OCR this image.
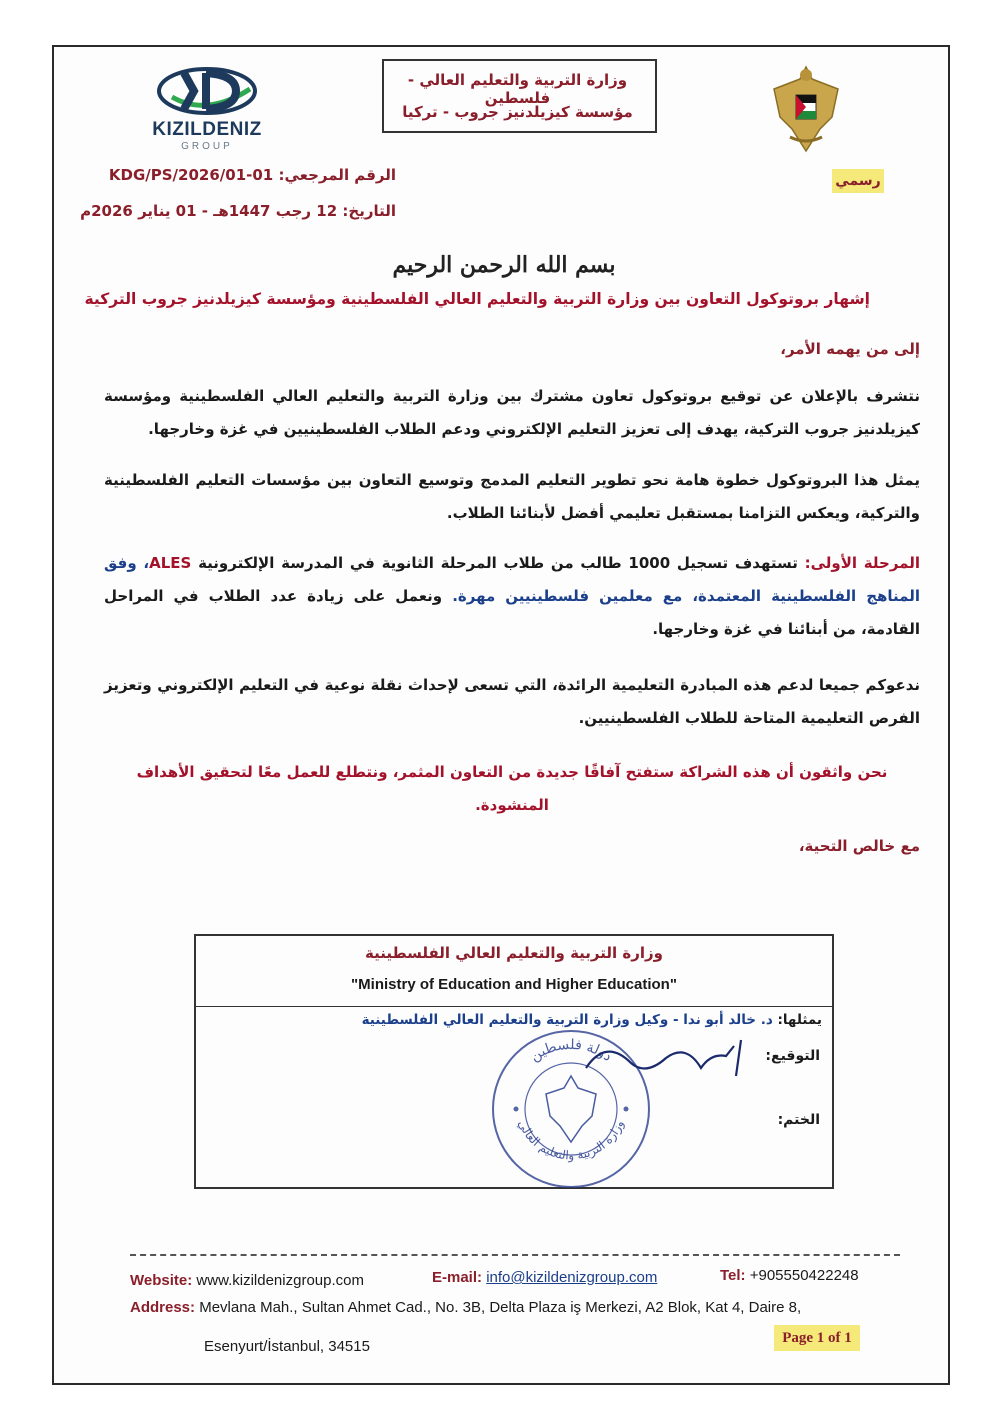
KIZILDENIZ
GROUP
وزارة التربية والتعليم العالي - فلسطين
مؤسسة كيزيلدنيز جروب - تركيا
رسمي
الرقم المرجعي: KDG/PS/2026/01-01
التاريخ: 12 رجب 1447هـ - 01 يناير 2026م
بسم الله الرحمن الرحيم
إشهار بروتوكول التعاون بين وزارة التربية والتعليم العالي الفلسطينية ومؤسسة كيزيلدنيز جروب التركية
إلى من يهمه الأمر،
نتشرف بالإعلان عن توقيع بروتوكول تعاون مشترك بين وزارة التربية والتعليم العالي الفلسطينية ومؤسسة كيزيلدنيز جروب التركية، يهدف إلى تعزيز التعليم الإلكتروني ودعم الطلاب الفلسطينيين في غزة وخارجها.
يمثل هذا البروتوكول خطوة هامة نحو تطوير التعليم المدمج وتوسيع التعاون بين مؤسسات التعليم الفلسطينية والتركية، ويعكس التزامنا بمستقبل تعليمي أفضل لأبنائنا الطلاب.
المرحلة الأولى: تستهدف تسجيل 1000 طالب من طلاب المرحلة الثانوية في المدرسة الإلكترونية ALES، وفق المناهج الفلسطينية المعتمدة، مع معلمين فلسطينيين مهرة. ونعمل على زيادة عدد الطلاب في المراحل القادمة، من أبنائنا في غزة وخارجها.
ندعوكم جميعا لدعم هذه المبادرة التعليمية الرائدة، التي تسعى لإحداث نقلة نوعية في التعليم الإلكتروني وتعزيز الفرص التعليمية المتاحة للطلاب الفلسطينيين.
نحن واثقون أن هذه الشراكة ستفتح آفاقًا جديدة من التعاون المثمر، ونتطلع للعمل معًا لتحقيق الأهداف المنشودة.
مع خالص التحية،
وزارة التربية والتعليم العالي الفلسطينية
"Ministry of Education and Higher Education"
يمثلها: د. خالد أبو ندا - وكيل وزارة التربية والتعليم العالي الفلسطينية
التوقيع:
الختم:
دولة فلسطين
وزارة التربية والتعليم العالي
Website: www.kizildenizgroup.com	E-mail: info@kizildenizgroup.com	Tel: +905550422248
Address: Mevlana Mah., Sultan Ahmet Cad., No. 3B, Delta Plaza iş Merkezi, A2 Blok, Kat 4, Daire 8,
Esenyurt/İstanbul, 34515	Page 1 of 1
